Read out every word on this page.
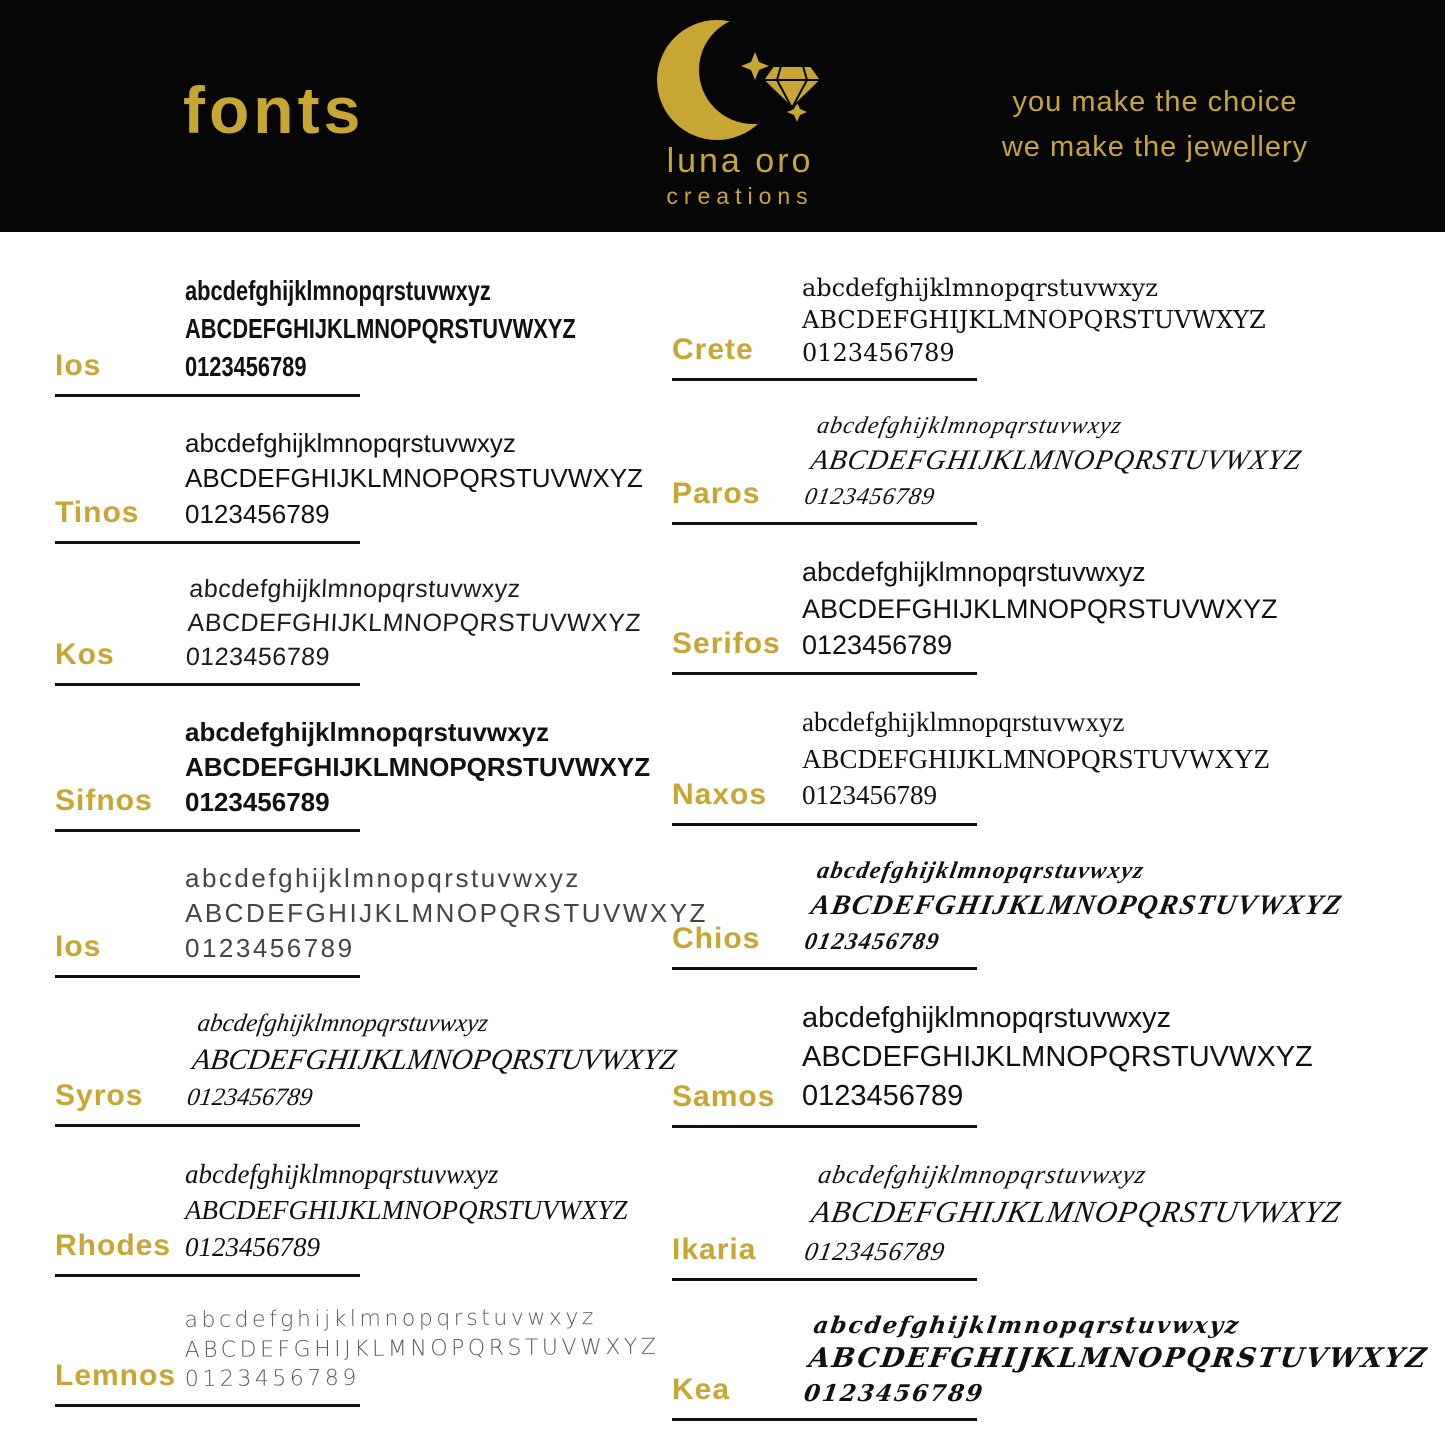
fonts
luna oro
creations
you make the choice
we make the jewellery
Ios
abcdefghijklmnopqrstuvwxyz
ABCDEFGHIJKLMNOPQRSTUVWXYZ
0123456789
Tinos
abcdefghijklmnopqrstuvwxyz
ABCDEFGHIJKLMNOPQRSTUVWXYZ
0123456789
Kos
abcdefghijklmnopqrstuvwxyz
ABCDEFGHIJKLMNOPQRSTUVWXYZ
0123456789
Sifnos
abcdefghijklmnopqrstuvwxyz
ABCDEFGHIJKLMNOPQRSTUVWXYZ
0123456789
Ios
abcdefghijklmnopqrstuvwxyz
ABCDEFGHIJKLMNOPQRSTUVWXYZ
0123456789
Syros
abcdefghijklmnopqrstuvwxyz
ABCDEFGHIJKLMNOPQRSTUVWXYZ
0123456789
Rhodes
abcdefghijklmnopqrstuvwxyz
ABCDEFGHIJKLMNOPQRSTUVWXYZ
0123456789
Lemnos
abcdefghijklmnopqrstuvwxyz
ABCDEFGHIJKLMNOPQRSTUVWXYZ
0123456789
Crete
abcdefghijklmnopqrstuvwxyz
ABCDEFGHIJKLMNOPQRSTUVWXYZ
0123456789
Paros
abcdefghijklmnopqrstuvwxyz
ABCDEFGHIJKLMNOPQRSTUVWXYZ
0123456789
Serifos
abcdefghijklmnopqrstuvwxyz
ABCDEFGHIJKLMNOPQRSTUVWXYZ
0123456789
Naxos
abcdefghijklmnopqrstuvwxyz
ABCDEFGHIJKLMNOPQRSTUVWXYZ
0123456789
Chios
abcdefghijklmnopqrstuvwxyz
ABCDEFGHIJKLMNOPQRSTUVWXYZ
0123456789
Samos
abcdefghijklmnopqrstuvwxyz
ABCDEFGHIJKLMNOPQRSTUVWXYZ
0123456789
Ikaria
abcdefghijklmnopqrstuvwxyz
ABCDEFGHIJKLMNOPQRSTUVWXYZ
0123456789
Kea
abcdefghijklmnopqrstuvwxyz
ABCDEFGHIJKLMNOPQRSTUVWXYZ
0123456789
